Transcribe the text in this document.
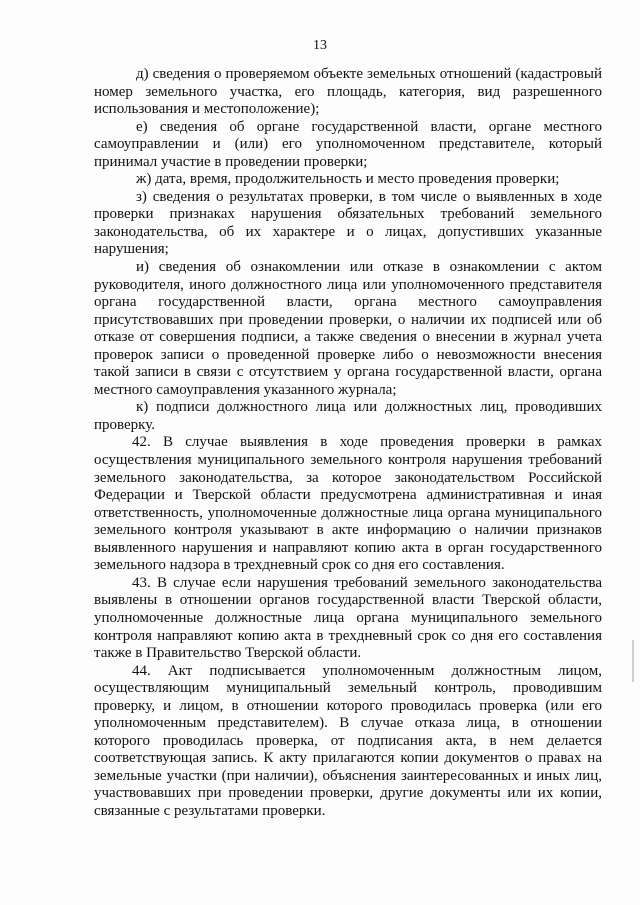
13

д) сведения о проверяемом объекте земельных отношений (кадастровый номер земельного участка, его площадь, категория, вид разрешенного использования и местоположение);

е) сведения об органе государственной власти, органе местного самоуправлении и (или) его уполномоченном представителе, который принимал участие в проведении проверки;

ж) дата, время, продолжительность и место проведения проверки;

з) сведения о результатах проверки, в том числе о выявленных в ходе проверки признаках нарушения обязательных требований земельного законодательства, об их характере и о лицах, допустивших указанные нарушения;

и) сведения об ознакомлении или отказе в ознакомлении с актом руководителя, иного должностного лица или уполномоченного представителя органа государственной власти, органа местного самоуправления присутствовавших при проведении проверки, о наличии их подписей или об отказе от совершения подписи, а также сведения о внесении в журнал учета проверок записи о проведенной проверке либо о невозможности внесения такой записи в связи с отсутствием у органа государственной власти, органа местного самоуправления указанного журнала;

к) подписи должностного лица или должностных лиц, проводивших проверку.

42. В случае выявления в ходе проведения проверки в рамках осуществления муниципального земельного контроля нарушения требований земельного законодательства, за которое законодательством Российской Федерации и Тверской области предусмотрена административная и иная ответственность, уполномоченные должностные лица органа муниципального земельного контроля указывают в акте информацию о наличии признаков выявленного нарушения и направляют копию акта в орган государственного земельного надзора в трехдневный срок со дня его составления.

43. В случае если нарушения требований земельного законодательства выявлены в отношении органов государственной власти Тверской области, уполномоченные должностные лица органа муниципального земельного контроля направляют копию акта в трехдневный срок со дня его составления также в Правительство Тверской области.

44. Акт подписывается уполномоченным должностным лицом, осуществляющим муниципальный земельный контроль, проводившим проверку, и лицом, в отношении которого проводилась проверка (или его уполномоченным представителем). В случае отказа лица, в отношении которого проводилась проверка, от подписания акта, в нем делается соответствующая запись. К акту прилагаются копии документов о правах на земельные участки (при наличии), объяснения заинтересованных и иных лиц, участвовавших при проведении проверки, другие документы или их копии, связанные с результатами проверки.
